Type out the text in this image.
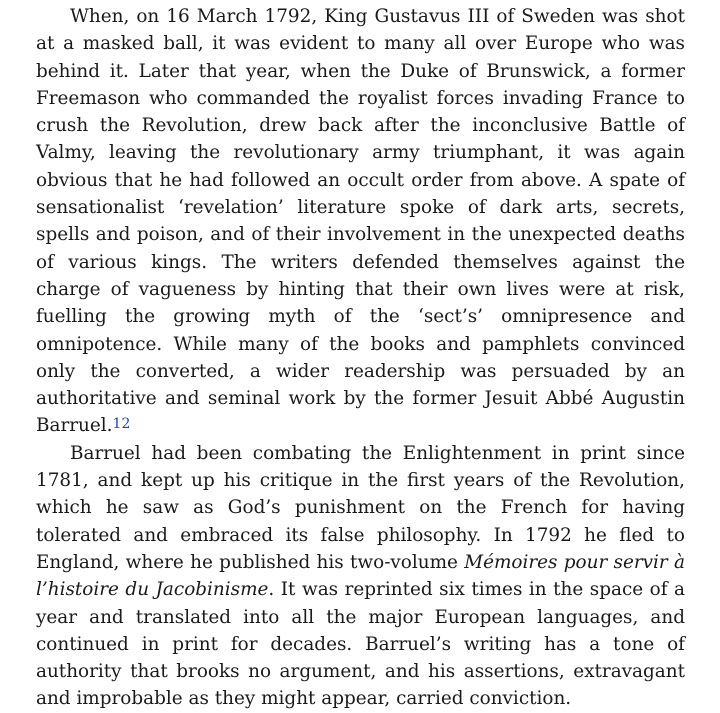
When, on 16 March 1792, King Gustavus III of Sweden was shot at a masked ball, it was evident to many all over Europe who was behind it. Later that year, when the Duke of Brunswick, a former Freemason who commanded the royalist forces invading France to crush the Revolution, drew back after the inconclusive Battle of Valmy, leaving the revolutionary army triumphant, it was again obvious that he had followed an occult order from above. A spate of sensationalist ‘revelation’ literature spoke of dark arts, secrets, spells and poison, and of their involvement in the unexpected deaths of various kings. The writers defended themselves against the charge of vagueness by hinting that their own lives were at risk, fuelling the growing myth of the ‘sect’s’ omnipresence and omnipotence. While many of the books and pamphlets convinced only the converted, a wider readership was persuaded by an authoritative and seminal work by the former Jesuit Abbé Augustin Barruel.12

Barruel had been combating the Enlightenment in print since 1781, and kept up his critique in the first years of the Revolution, which he saw as God’s punishment on the French for having tolerated and embraced its false philosophy. In 1792 he fled to England, where he published his two-volume Mémoires pour servir à l’histoire du Jacobinisme. It was reprinted six times in the space of a year and translated into all the major European languages, and continued in print for decades. Barruel’s writing has a tone of authority that brooks no argument, and his assertions, extravagant and improbable as they might appear, carried conviction.
